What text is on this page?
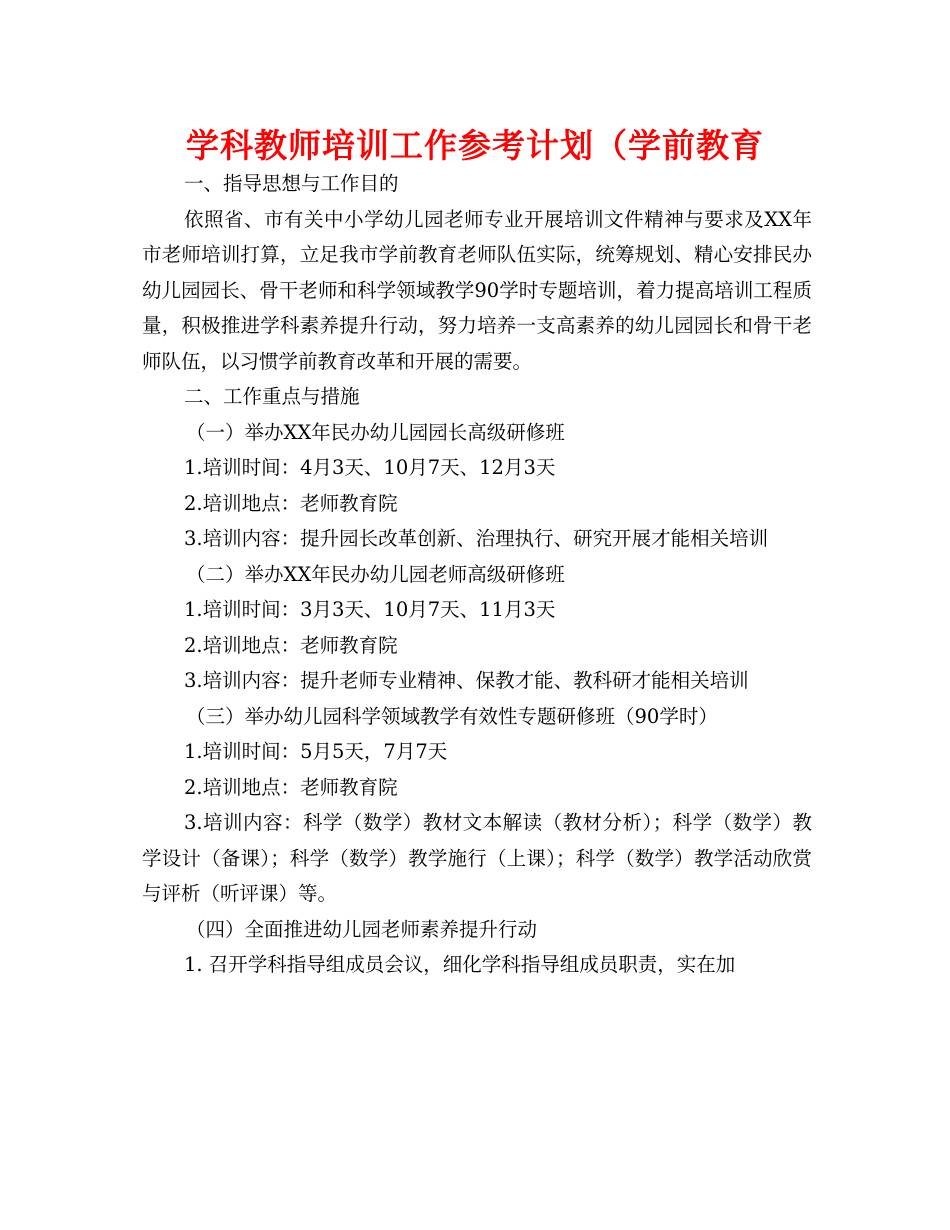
学科教师培训工作参考计划（学前教育

一、指导思想与工作目的

依照省、市有关中小学幼儿园老师专业开展培训文件精神与要求及XX年市老师培训打算，立足我市学前教育老师队伍实际，统筹规划、精心安排民办幼儿园园长、骨干老师和科学领域教学90学时专题培训，着力提高培训工程质量，积极推进学科素养提升行动，努力培养一支高素养的幼儿园园长和骨干老师队伍，以习惯学前教育改革和开展的需要。

二、工作重点与措施

（一）举办XX年民办幼儿园园长高级研修班

1.培训时间：4月3天、10月7天、12月3天

2.培训地点：老师教育院

3.培训内容：提升园长改革创新、治理执行、研究开展才能相关培训

（二）举办XX年民办幼儿园老师高级研修班

1.培训时间：3月3天、10月7天、11月3天

2.培训地点：老师教育院

3.培训内容：提升老师专业精神、保教才能、教科研才能相关培训

（三）举办幼儿园科学领域教学有效性专题研修班（90学时）

1.培训时间：5月5天，7月7天

2.培训地点：老师教育院

3.培训内容：科学（数学）教材文本解读（教材分析）；科学（数学）教学设计（备课）；科学（数学）教学施行（上课）；科学（数学）教学活动欣赏与评析（听评课）等。

（四）全面推进幼儿园老师素养提升行动

1. 召开学科指导组成员会议，细化学科指导组成员职责，实在加
